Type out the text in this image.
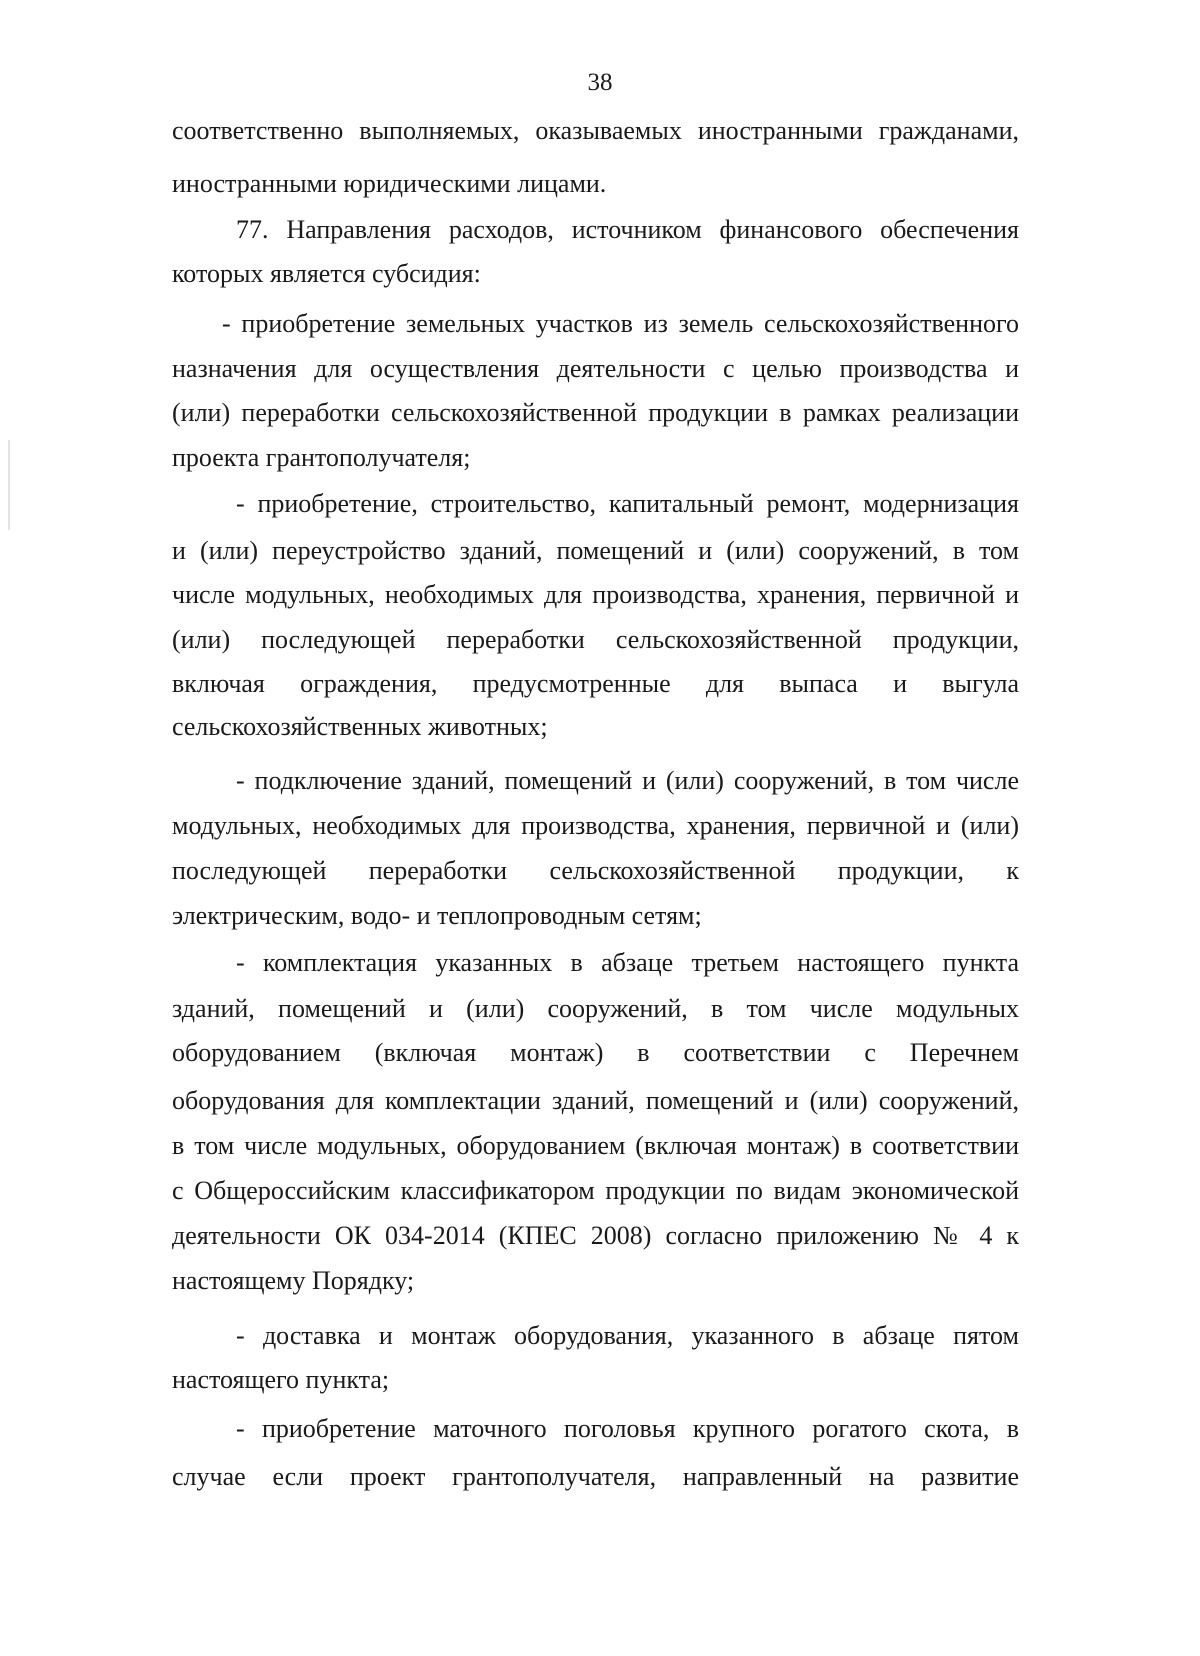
38
соответственно выполняемых, оказываемых иностранными гражданами,
иностранными юридическими лицами.
77. Направления расходов, источником финансового обеспечения
которых является субсидия:
- приобретение земельных участков из земель сельскохозяйственного
назначения для осуществления деятельности с целью производства и
(или) переработки сельскохозяйственной продукции в рамках реализации
проекта грантополучателя;
- приобретение, строительство, капитальный ремонт, модернизация
и (или) переустройство зданий, помещений и (или) сооружений, в том
числе модульных, необходимых для производства, хранения, первичной и
(или) последующей переработки сельскохозяйственной продукции,
включая ограждения, предусмотренные для выпаса и выгула
сельскохозяйственных животных;
- подключение зданий, помещений и (или) сооружений, в том числе
модульных, необходимых для производства, хранения, первичной и (или)
последующей переработки сельскохозяйственной продукции, к
электрическим, водо- и теплопроводным сетям;
- комплектация указанных в абзаце третьем настоящего пункта
зданий, помещений и (или) сооружений, в том числе модульных
оборудованием (включая монтаж) в соответствии с Перечнем
оборудования для комплектации зданий, помещений и (или) сооружений,
в том числе модульных, оборудованием (включая монтаж) в соответствии
с Общероссийским классификатором продукции по видам экономической
деятельности ОК 034-2014 (КПЕС 2008) согласно приложению № 4 к
настоящему Порядку;
- доставка и монтаж оборудования, указанного в абзаце пятом
настоящего пункта;
- приобретение маточного поголовья крупного рогатого скота, в
случае если проект грантополучателя, направленный на развитие
